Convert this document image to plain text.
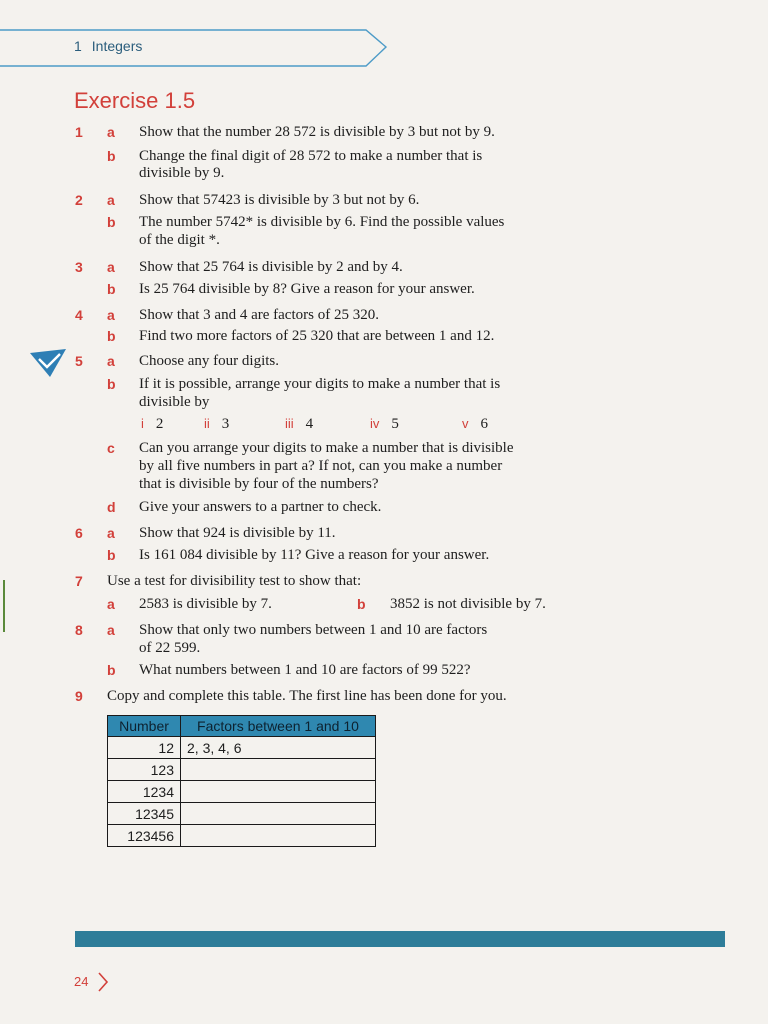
1 Integers
Exercise 1.5
1 a Show that the number 28 572 is divisible by 3 but not by 9.
b Change the final digit of 28 572 to make a number that is
divisible by 9.
2 a Show that 57423 is divisible by 3 but not by 6.
b The number 5742* is divisible by 6. Find the possible values
of the digit *.
3 a Show that 25 764 is divisible by 2 and by 4.
b Is 25 764 divisible by 8? Give a reason for your answer.
4 a Show that 3 and 4 are factors of 25 320.
b Find two more factors of 25 320 that are between 1 and 12.
5 a Choose any four digits.
b If it is possible, arrange your digits to make a number that is
divisible by
i 2	ii 3	iii 4	iv 5	v 6
c Can you arrange your digits to make a number that is divisible
by all five numbers in part a? If not, can you make a number
that is divisible by four of the numbers?
d Give your answers to a partner to check.
6 a Show that 924 is divisible by 11.
b Is 161 084 divisible by 11? Give a reason for your answer.
7 Use a test for divisibility test to show that:
a 2583 is divisible by 7.	b 3852 is not divisible by 7.
8 a Show that only two numbers between 1 and 10 are factors
of 22 599.
b What numbers between 1 and 10 are factors of 99 522?
9 Copy and complete this table. The first line has been done for you.
Number	Factors between 1 and 10
12	2, 3, 4, 6
123	
1234	
12345	
123456	
24
